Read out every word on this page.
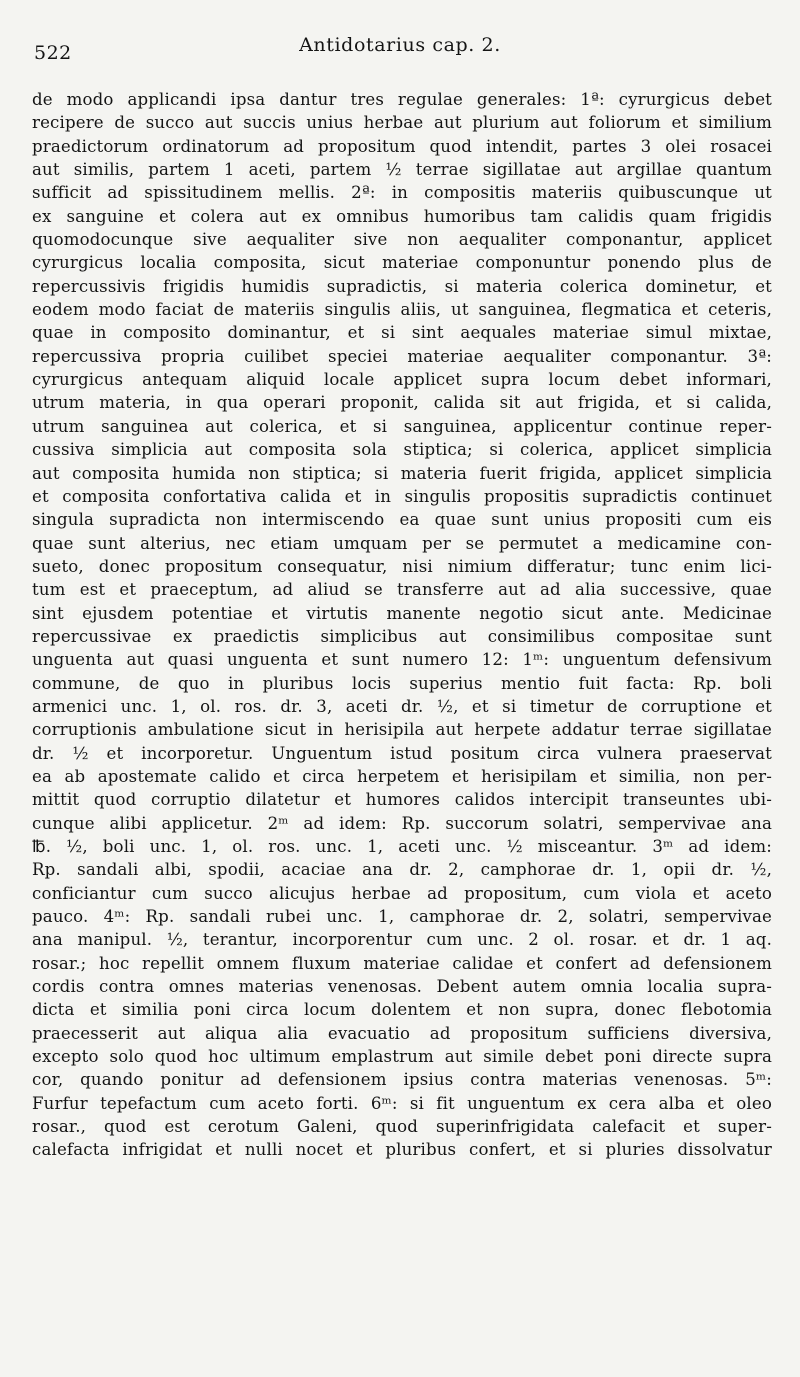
522	Antidotarius cap. 2.
de modo applicandi ipsa dantur tres regulae generales: 1ª: cyrurgicus debet
recipere de succo aut succis unius herbae aut plurium aut foliorum et similium
praedictorum ordinatorum ad propositum quod intendit, partes 3 olei rosacei
aut similis, partem 1 aceti, partem ½ terrae sigillatae aut argillae quantum
sufficit ad spissitudinem mellis. 2ª: in compositis materiis quibuscunque ut
ex sanguine et colera aut ex omnibus humoribus tam calidis quam frigidis
quomodocunque sive aequaliter sive non aequaliter componantur, applicet
cyrurgicus localia composita, sicut materiae componuntur ponendo plus de
repercussivis frigidis humidis supradictis, si materia colerica dominetur, et
eodem modo faciat de materiis singulis aliis, ut sanguinea, flegmatica et ceteris,
quae in composito dominantur, et si sint aequales materiae simul mixtae,
repercussiva propria cuilibet speciei materiae aequaliter componantur. 3ª:
cyrurgicus antequam aliquid locale applicet supra locum debet informari,
utrum materia, in qua operari proponit, calida sit aut frigida, et si calida,
utrum sanguinea aut colerica, et si sanguinea, applicentur continue reper-
cussiva simplicia aut composita sola stiptica; si colerica, applicet simplicia
aut composita humida non stiptica; si materia fuerit frigida, applicet simplicia
et composita confortativa calida et in singulis propositis supradictis continuet
singula supradicta non intermiscendo ea quae sunt unius propositi cum eis
quae sunt alterius, nec etiam umquam per se permutet a medicamine con-
sueto, donec propositum consequatur, nisi nimium differatur; tunc enim lici-
tum est et praeceptum, ad aliud se transferre aut ad alia successive, quae
sint ejusdem potentiae et virtutis manente negotio sicut ante. Medicinae
repercussivae ex praedictis simplicibus aut consimilibus compositae sunt
unguenta aut quasi unguenta et sunt numero 12: 1ᵐ: unguentum defensivum
commune, de quo in pluribus locis superius mentio fuit facta: Rp. boli
armenici unc. 1, ol. ros. dr. 3, aceti dr. ½, et si timetur de corruptione et
corruptionis ambulatione sicut in herisipila aut herpete addatur terrae sigillatae
dr. ½ et incorporetur. Unguentum istud positum circa vulnera praeservat
ea ab apostemate calido et circa herpetem et herisipilam et similia, non per-
mittit quod corruptio dilatetur et humores calidos intercipit transeuntes ubi-
cunque alibi applicetur. 2ᵐ ad idem: Rp. succorum solatri, sempervivae ana
℔. ½, boli unc. 1, ol. ros. unc. 1, aceti unc. ½ misceantur. 3ᵐ ad idem:
Rp. sandali albi, spodii, acaciae ana dr. 2, camphorae dr. 1, opii dr. ½,
conficiantur cum succo alicujus herbae ad propositum, cum viola et aceto
pauco. 4ᵐ: Rp. sandali rubei unc. 1, camphorae dr. 2, solatri, sempervivae
ana manipul. ½, terantur, incorporentur cum unc. 2 ol. rosar. et dr. 1 aq.
rosar.; hoc repellit omnem fluxum materiae calidae et confert ad defensionem
cordis contra omnes materias venenosas. Debent autem omnia localia supra-
dicta et similia poni circa locum dolentem et non supra, donec flebotomia
praecesserit aut aliqua alia evacuatio ad propositum sufficiens diversiva,
excepto solo quod hoc ultimum emplastrum aut simile debet poni directe supra
cor, quando ponitur ad defensionem ipsius contra materias venenosas. 5ᵐ:
Furfur tepefactum cum aceto forti. 6ᵐ: si fit unguentum ex cera alba et oleo
rosar., quod est cerotum Galeni, quod superinfrigidata calefacit et super-
calefacta infrigidat et nulli nocet et pluribus confert, et si pluries dissolvatur
